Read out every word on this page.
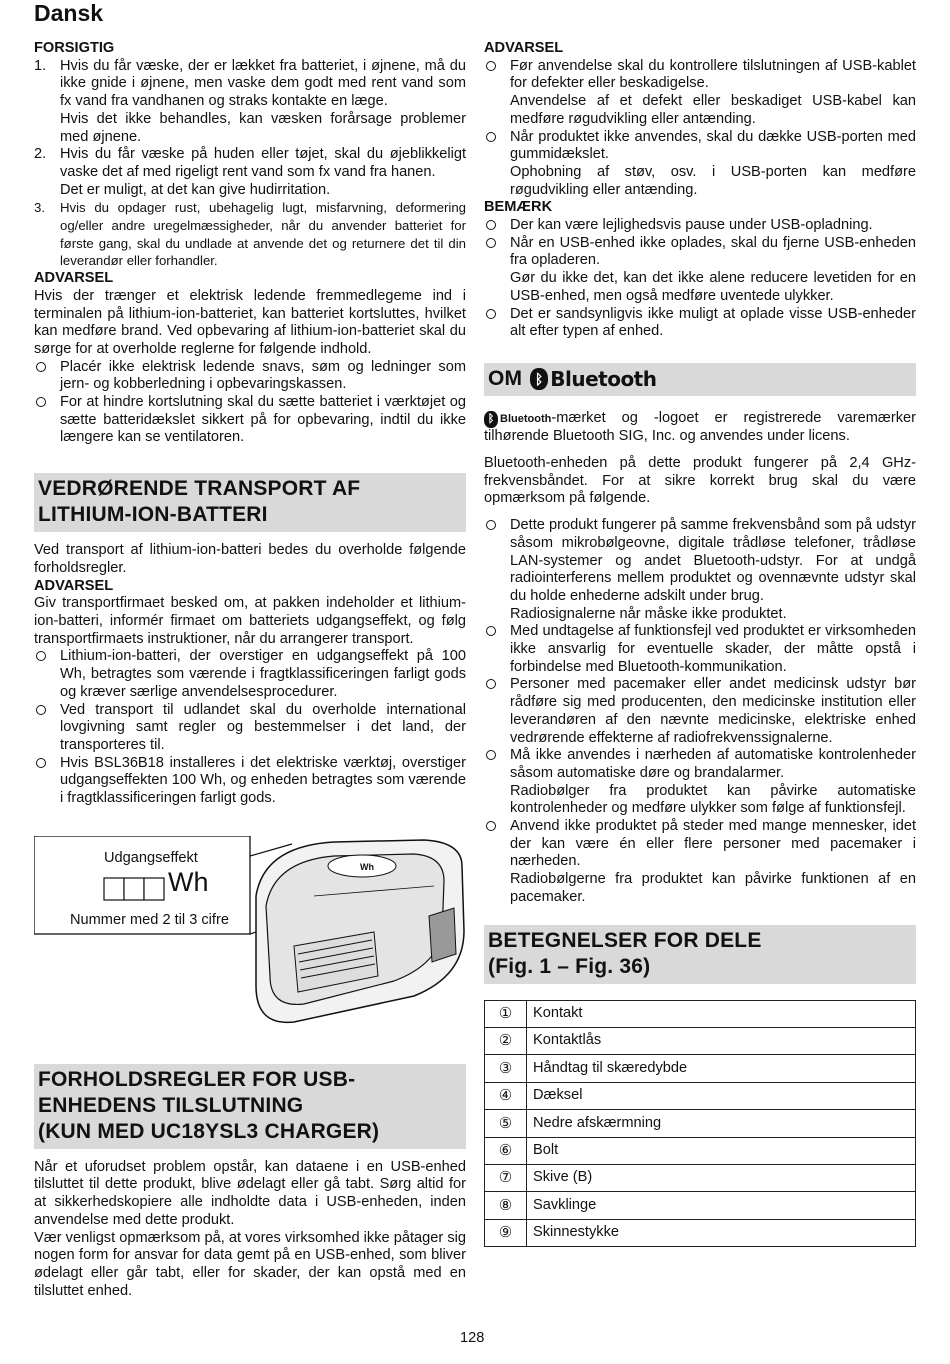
Dansk
FORSIGTIG
1. Hvis du får væske, der er lækket fra batteriet, i øjnene, må du ikke gnide i øjnene, men vaske dem godt med rent vand som fx vand fra vandhanen og straks kontakte en læge.

Hvis det ikke behandles, kan væsken forårsage problemer med øjnene.

2. Hvis du får væske på huden eller tøjet, skal du øjeblikkeligt vaske det af med rigeligt rent vand som fx vand fra hanen.

Det er muligt, at det kan give hudirritation.

3.	Hvis du opdager rust, ubehagelig lugt, misfarvning, deformering og/eller andre uregelmæssigheder, når du anvender batteriet for første gang, skal du undlade at anvende det og returnere det til din leverandør eller forhandler.

ADVARSEL

Hvis der trænger et elektrisk ledende fremmedlegeme ind i terminalen på lithium-ion-batteriet, kan batteriet kortsluttes, hvilket kan medføre brand. Ved opbevaring af lithium-ion-batteriet skal du sørge for at overholde reglerne for følgende indhold.

Placér ikke elektrisk ledende snavs, søm og ledninger som jern- og kobberledning i opbevaringskassen.
For at hindre kortslutning skal du sætte batteriet i værktøjet og sætte batteridækslet sikkert på for opbevaring, indtil du ikke længere kan se ventilatoren.
VEDRØRENDE TRANSPORT AF
LITHIUM-ION-BATTERI

Ved transport af lithium-ion-batteri bedes du overholde følgende forholdsregler.

ADVARSEL

Giv transportfirmaet besked om, at pakken indeholder et lithium-ion-batteri, informér firmaet om batteriets udgangseffekt, og følg transportfirmaets instruktioner, når du arrangerer transport.

Lithium-ion-batteri, der overstiger en udgangseffekt på 100 Wh, betragtes som værende i fragtklassificeringen farligt gods og kræver særlige anvendelsesprocedurer.
Ved transport til udlandet skal du overholde international lovgivning samt regler og bestemmelser i det land, der transporteres til.
Hvis BSL36B18 installeres i det elektriske værktøj, overstiger udgangseffekten 100 Wh, og enheden betragtes som værende i fragtklassificeringen farligt gods.
Udgangseffekt
Wh
Nummer med 2 til 3 cifre
Wh
FORHOLDSREGLER FOR USB-
ENHEDENS TILSLUTNING
(KUN MED UC18YSL3 CHARGER)

Når et uforudset problem opstår, kan dataene i en USB-enhed tilsluttet til dette produkt, blive ødelagt eller gå tabt. Sørg altid for at sikkerhedskopiere alle indholdte data i USB-enheden, inden anvendelse med dette produkt.

Vær venligst opmærksom på, at vores virksomhed ikke påtager sig nogen form for ansvar for data gemt på en USB-enhed, som bliver ødelagt eller går tabt, eller for skader, der kan opstå med en tilsluttet enhed.

ADVARSEL

Før anvendelse skal du kontrollere tilslutningen af USB-kablet for defekter eller beskadigelse.

Anvendelse af et defekt eller beskadiget USB-kabel kan medføre røgudvikling eller antænding.

Når produktet ikke anvendes, skal du dække USB-porten med gummidækslet.

Ophobning af støv, osv. i USB-porten kan medføre røgudvikling eller antænding.

BEMÆRK

Der kan være lejlighedsvis pause under USB-opladning.

Når en USB-enhed ikke oplades, skal du fjerne USB-enheden fra opladeren.

Gør du ikke det, kan det ikke alene reducere levetiden for en USB-enhed, men også medføre uventede ulykker.

Det er sandsynligvis ikke muligt at oplade visse USB-enheder alt efter typen af enhed.

OM ᛒ Bluetooth

ᛒ Bluetooth -mærket og -logoet er registrerede varemærker tilhørende Bluetooth SIG, Inc. og anvendes under licens.

Bluetooth-enheden på dette produkt fungerer på 2,4 GHz-frekvensbåndet. For at sikre korrekt brug skal du være opmærksom på følgende.

Dette produkt fungerer på samme frekvensbånd som på udstyr såsom mikrobølgeovne, digitale trådløse telefoner, trådløse LAN-systemer og andet Bluetooth-udstyr. For at undgå radiointerferens mellem produktet og ovennævnte udstyr skal du holde enhederne adskilt under brug.

Radiosignalerne når måske ikke produktet.

Med undtagelse af funktionsfejl ved produktet er virksomheden ikke ansvarlig for eventuelle skader, der måtte opstå i forbindelse med Bluetooth-kommunikation.

Personer med pacemaker eller andet medicinsk udstyr bør rådføre sig med producenten, den medicinske institution eller leverandøren af den nævnte medicinske, elektriske enhed vedrørende effekterne af radiofrekvenssignalerne.

Må ikke anvendes i nærheden af automatiske kontrolenheder såsom automatiske døre og brandalarmer.

Radiobølger fra produktet kan påvirke automatiske kontrolenheder og medføre ulykker som følge af funktionsfejl.

Anvend ikke produktet på steder med mange mennesker, idet der kan være én eller flere personer med pacemaker i nærheden.

Radiobølgerne fra produktet kan påvirke funktionen af en pacemaker.

BETEGNELSER FOR DELE
(Fig. 1 – Fig. 36)
①	Kontakt
②	Kontaktlås
③	Håndtag til skæredybde
④	Dæksel
⑤	Nedre afskærmning
⑥	Bolt
⑦	Skive (B)
⑧	Savklinge
⑨	Skinnestykke
128
